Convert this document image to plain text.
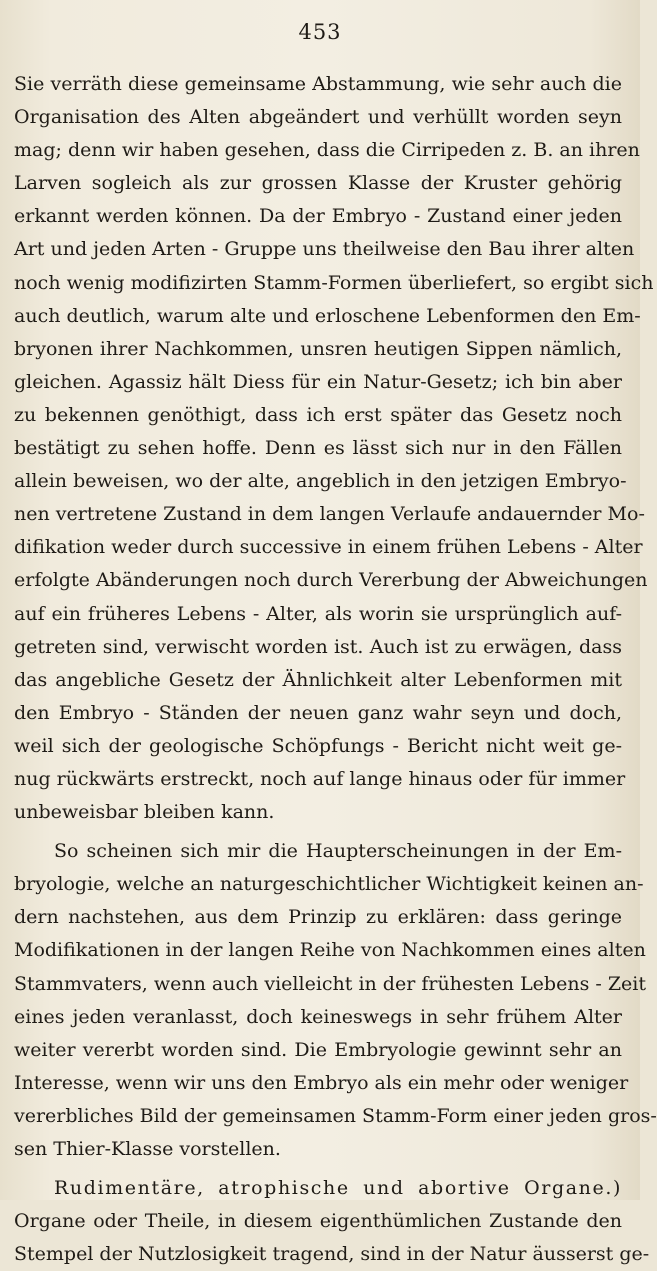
453
Sie verräth diese gemeinsame Abstammung, wie sehr auch die
Organisation des Alten abgeändert und verhüllt worden seyn
mag; denn wir haben gesehen, dass die Cirripeden z. B. an ihren
Larven sogleich als zur grossen Klasse der Kruster gehörig
erkannt werden können. Da der Embryo - Zustand einer jeden
Art und jeden Arten - Gruppe uns theilweise den Bau ihrer alten
noch wenig modifizirten Stamm-Formen überliefert, so ergibt sich
auch deutlich, warum alte und erloschene Lebenformen den Em-
bryonen ihrer Nachkommen, unsren heutigen Sippen nämlich,
gleichen. Agassiz hält Diess für ein Natur-Gesetz; ich bin aber
zu bekennen genöthigt, dass ich erst später das Gesetz noch
bestätigt zu sehen hoffe. Denn es lässt sich nur in den Fällen
allein beweisen, wo der alte, angeblich in den jetzigen Embryo-
nen vertretene Zustand in dem langen Verlaufe andauernder Mo-
difikation weder durch successive in einem frühen Lebens - Alter
erfolgte Abänderungen noch durch Vererbung der Abweichungen
auf ein früheres Lebens - Alter, als worin sie ursprünglich auf-
getreten sind, verwischt worden ist. Auch ist zu erwägen, dass
das angebliche Gesetz der Ähnlichkeit alter Lebenformen mit
den Embryo - Ständen der neuen ganz wahr seyn und doch,
weil sich der geologische Schöpfungs - Bericht nicht weit ge-
nug rückwärts erstreckt, noch auf lange hinaus oder für immer
unbeweisbar bleiben kann.
So scheinen sich mir die Haupterscheinungen in der Em-
bryologie, welche an naturgeschichtlicher Wichtigkeit keinen an-
dern nachstehen, aus dem Prinzip zu erklären: dass geringe
Modifikationen in der langen Reihe von Nachkommen eines alten
Stammvaters, wenn auch vielleicht in der frühesten Lebens - Zeit
eines jeden veranlasst, doch keineswegs in sehr frühem Alter
weiter vererbt worden sind. Die Embryologie gewinnt sehr an
Interesse, wenn wir uns den Embryo als ein mehr oder weniger
vererbliches Bild der gemeinsamen Stamm-Form einer jeden gros-
sen Thier-Klasse vorstellen.
Rudimentäre, atrophische und abortive Organe.)
Organe oder Theile, in diesem eigenthümlichen Zustande den
Stempel der Nutzlosigkeit tragend, sind in der Natur äusserst ge-
